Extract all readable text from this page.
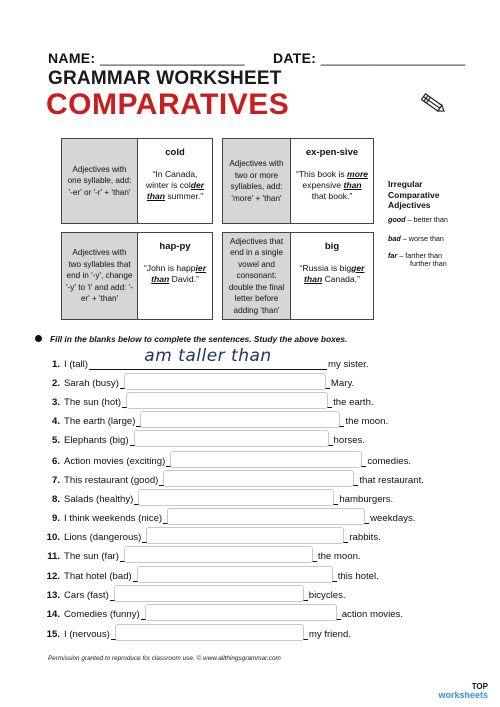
NAME: ____________________ DATE: ____________________
GRAMMAR WORKSHEET
COMPARATIVES
Adjectives with one syllable, add: '-er' or '-r' + 'than'
cold
“In Canada, winter is colder than summer.”
Adjectives with two or more syllables, add: 'more' + 'than'
ex-pen-sive
“This book is more expensive than that book.”
Adjectives with two syllables that end in '-y', change '-y' to 'i' and add: '-er' + 'than'
hap-py
“John is happier than David.”
Adjectives that end in a single vowel and consonant: double the final letter before adding 'than'
big
“Russia is bigger than Canada.”
Irregular
Comparative
Adjectives
good – better than
bad – worse than
far – farther than
further than
Fill in the blanks below to complete the sentences. Study the above boxes.
1. I (tall)	am taller than	my sister.
2. Sarah (busy)	Mary.
3. The sun (hot)	the earth.
4. The earth (large)	the moon.
5. Elephants (big)	horses.
6. Action movies (exciting)	comedies.
7. This restaurant (good)	that restaurant.
8. Salads (healthy)	hamburgers.
9. I think weekends (nice)	weekdays.
10. Lions (dangerous)	rabbits.
11. The sun (far)	the moon.
12. That hotel (bad)	this hotel.
13. Cars (fast)	bicycles.
14. Comedies (funny)	action movies.
15. I (nervous)	my friend.
Permission granted to reproduce for classroom use. © www.allthingsgrammar.com
TOP
worksheets
